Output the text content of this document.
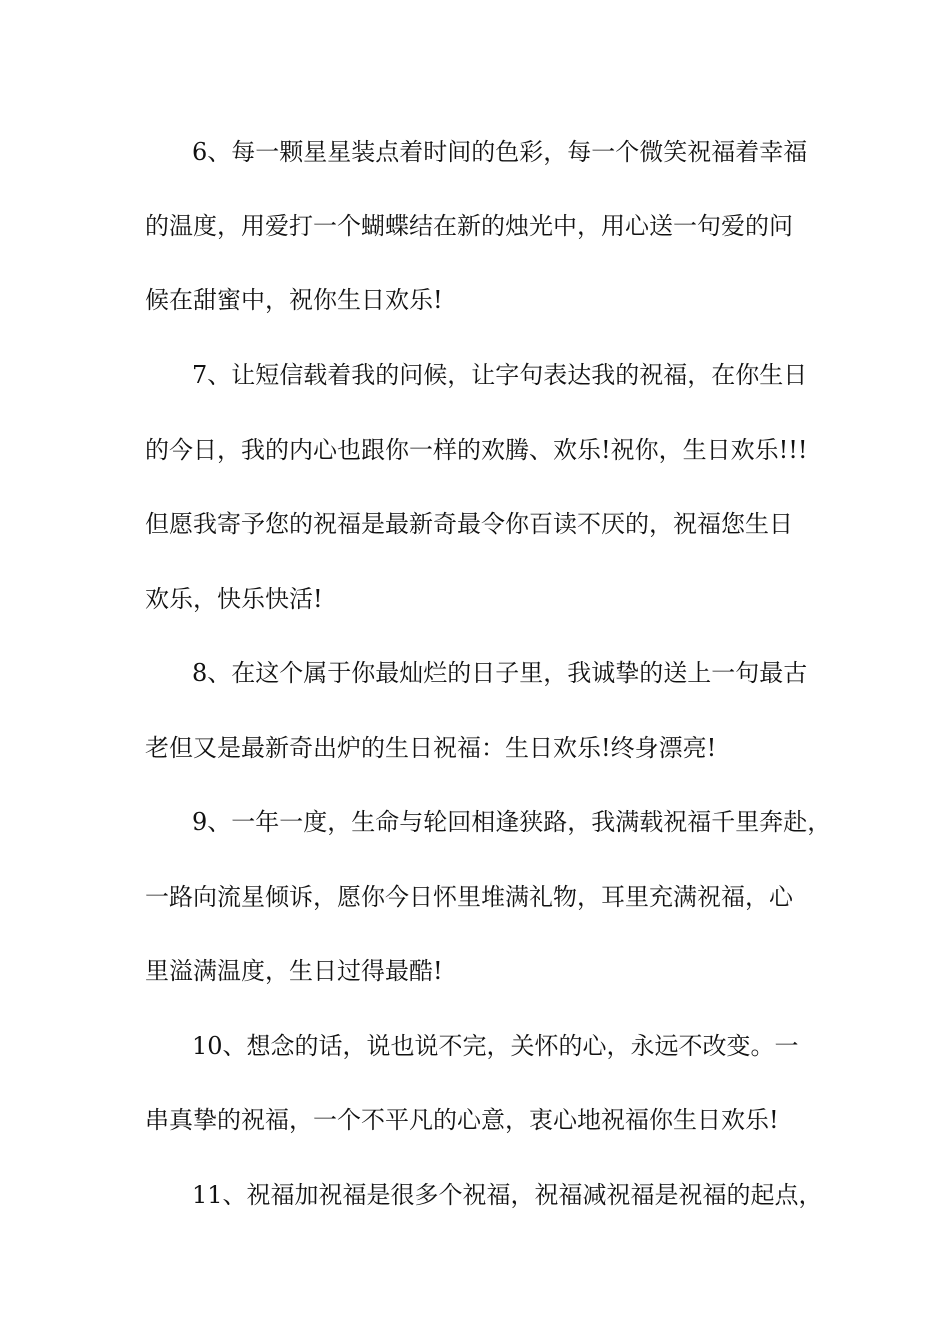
6、每一颗星星装点着时间的色彩，每一个微笑祝福着幸福
的温度，用爱打一个蝴蝶结在新的烛光中，用心送一句爱的问
候在甜蜜中，祝你生日欢乐!
7、让短信载着我的问候，让字句表达我的祝福，在你生日
的今日，我的内心也跟你一样的欢腾、欢乐!祝你，生日欢乐!!!
但愿我寄予您的祝福是最新奇最令你百读不厌的，祝福您生日
欢乐，快乐快活!
8、在这个属于你最灿烂的日子里，我诚挚的送上一句最古
老但又是最新奇出炉的生日祝福：生日欢乐!终身漂亮!
9、一年一度，生命与轮回相逢狭路，我满载祝福千里奔赴，
一路向流星倾诉，愿你今日怀里堆满礼物，耳里充满祝福，心
里溢满温度，生日过得最酷!
10、想念的话，说也说不完，关怀的心，永远不改变。一
串真挚的祝福，一个不平凡的心意，衷心地祝福你生日欢乐!
11、祝福加祝福是很多个祝福，祝福减祝福是祝福的起点，
